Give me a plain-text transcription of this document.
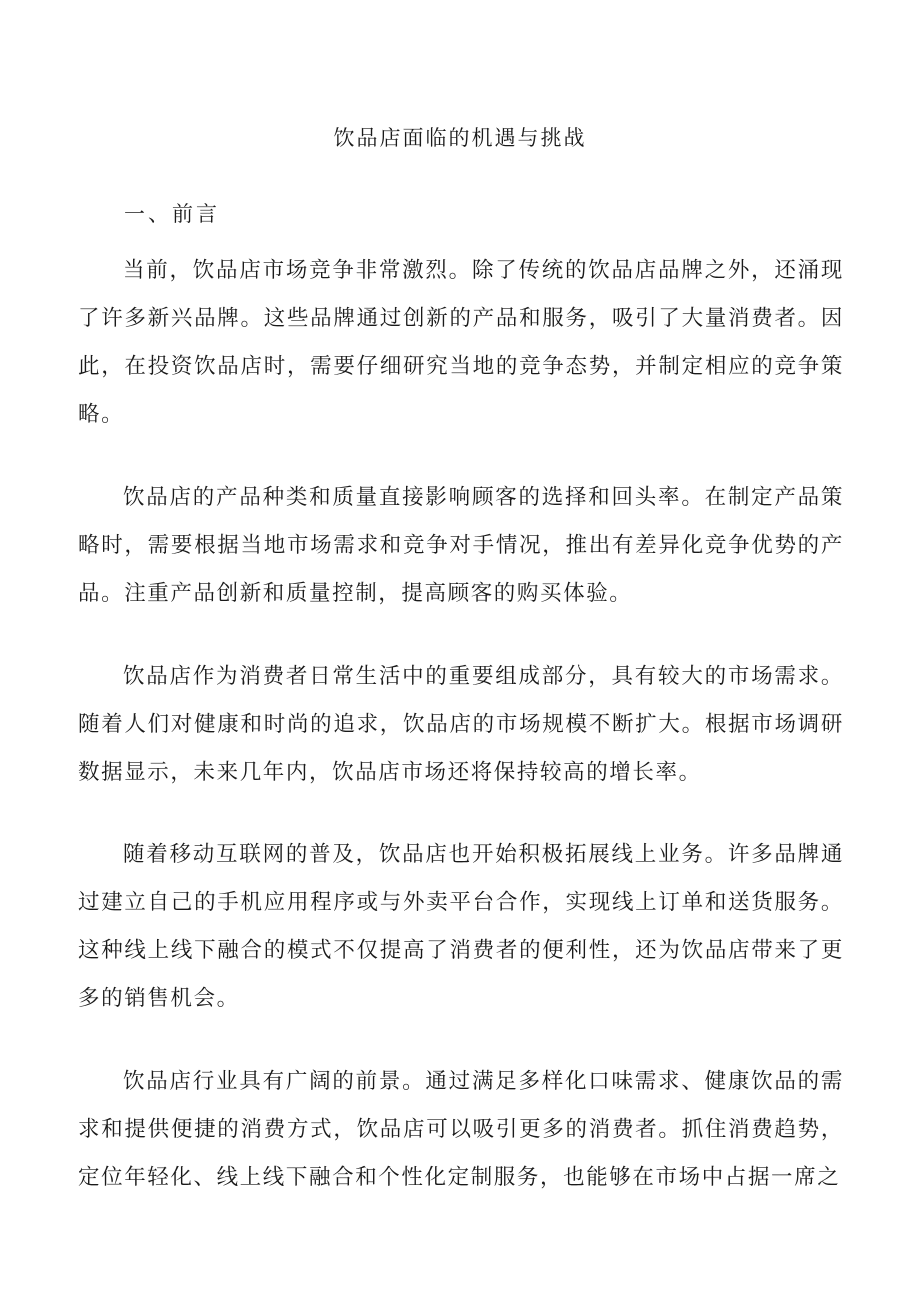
饮品店面临的机遇与挑战
一、前言

当前，饮品店市场竞争非常激烈。除了传统的饮品店品牌之外，还涌现了许多新兴品牌。这些品牌通过创新的产品和服务，吸引了大量消费者。因此，在投资饮品店时，需要仔细研究当地的竞争态势，并制定相应的竞争策略。

饮品店的产品种类和质量直接影响顾客的选择和回头率。在制定产品策略时，需要根据当地市场需求和竞争对手情况，推出有差异化竞争优势的产品。注重产品创新和质量控制，提高顾客的购买体验。

饮品店作为消费者日常生活中的重要组成部分，具有较大的市场需求。随着人们对健康和时尚的追求，饮品店的市场规模不断扩大。根据市场调研数据显示，未来几年内，饮品店市场还将保持较高的增长率。

随着移动互联网的普及，饮品店也开始积极拓展线上业务。许多品牌通过建立自己的手机应用程序或与外卖平台合作，实现线上订单和送货服务。这种线上线下融合的模式不仅提高了消费者的便利性，还为饮品店带来了更多的销售机会。

饮品店行业具有广阔的前景。通过满足多样化口味需求、健康饮品的需求和提供便捷的消费方式，饮品店可以吸引更多的消费者。抓住消费趋势，定位年轻化、线上线下融合和个性化定制服务，也能够在市场中占据一席之
